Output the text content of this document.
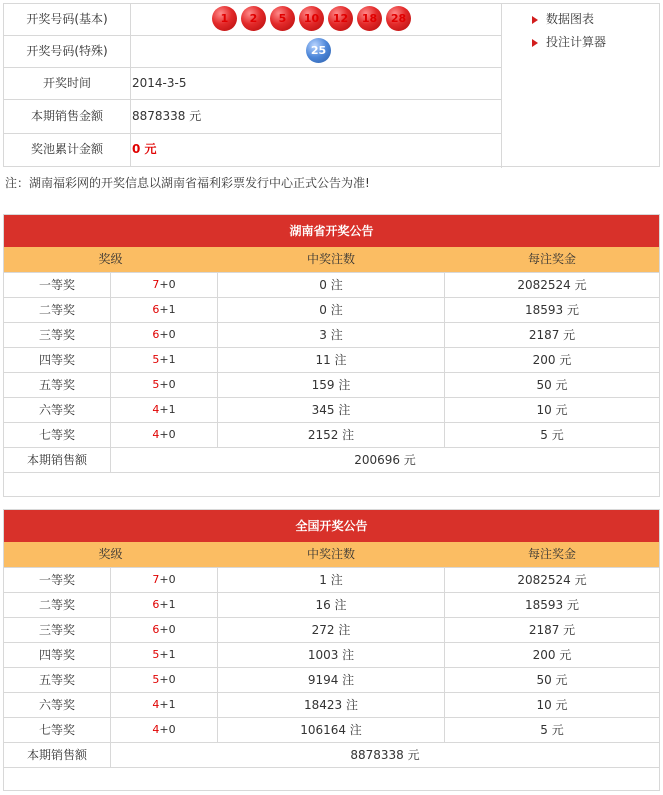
开奖号码(基本)	1 2 5 10 12 18 28
开奖号码(特殊)	25
开奖时间	2014-3-5
本期销售金额	8878338 元
奖池累计金额	0 元
数据图表
投注计算器
注：湖南福彩网的开奖信息以湖南省福利彩票发行中心正式公告为准!
湖南省开奖公告
奖级	中奖注数	每注奖金
一等奖	7+0	0 注	2082524 元
二等奖	6+1	0 注	18593 元
三等奖	6+0	3 注	2187 元
四等奖	5+1	11 注	200 元
五等奖	5+0	159 注	50 元
六等奖	4+1	345 注	10 元
七等奖	4+0	2152 注	5 元
本期销售额	200696 元
全国开奖公告
奖级	中奖注数	每注奖金
一等奖	7+0	1 注	2082524 元
二等奖	6+1	16 注	18593 元
三等奖	6+0	272 注	2187 元
四等奖	5+1	1003 注	200 元
五等奖	5+0	9194 注	50 元
六等奖	4+1	18423 注	10 元
七等奖	4+0	106164 注	5 元
本期销售额	8878338 元
